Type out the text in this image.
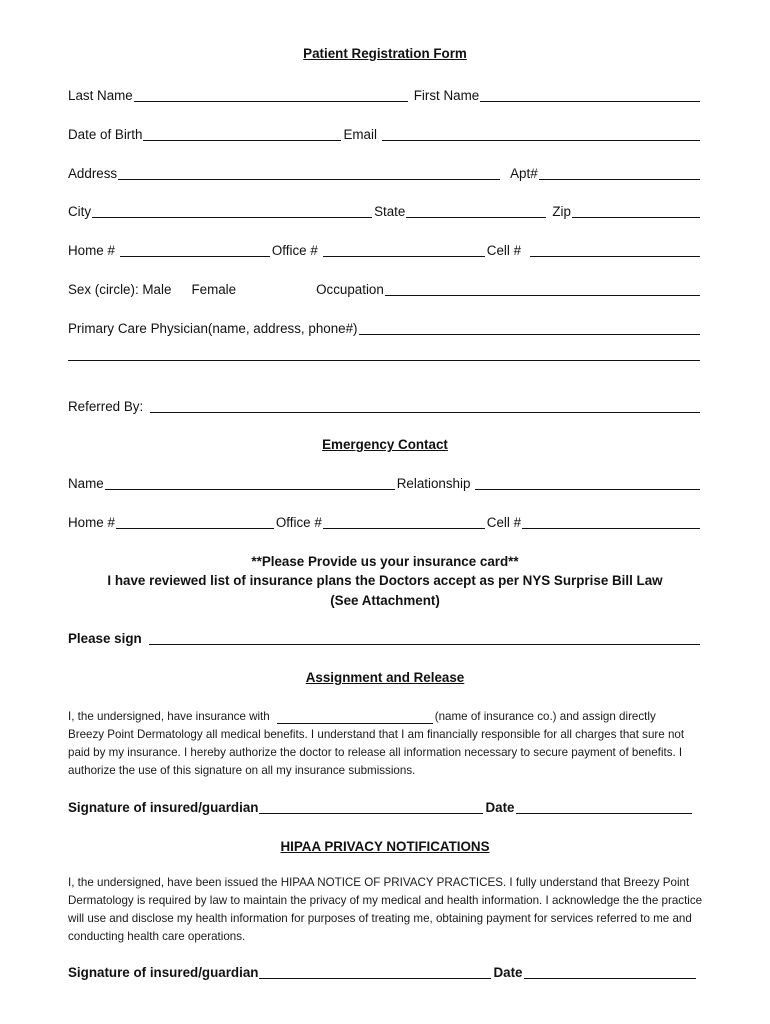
Patient Registration Form
Last Name	First Name
Date of Birth	Email
Address	Apt#
City	State	Zip
Home #	Office #	Cell #
Sex (circle): Male Female	Occupation
Primary Care Physician(name, address, phone#)
Referred By:
Emergency Contact
Name	Relationship
Home #	Office #	Cell #
**Please Provide us your insurance card**
I have reviewed list of insurance plans the Doctors accept as per NYS Surprise Bill Law
(See Attachment)
Please sign
Assignment and Release
I, the undersigned, have insurance with	(name of insurance co.) and assign directly
Breezy Point Dermatology all medical benefits. I understand that I am financially responsible for all charges that sure not paid by my insurance. I hereby authorize the doctor to release all information necessary to secure payment of benefits. I authorize the use of this signature on all my insurance submissions.
Signature of insured/guardian	Date
HIPAA PRIVACY NOTIFICATIONS
I, the undersigned, have been issued the HIPAA NOTICE OF PRIVACY PRACTICES. I fully understand that Breezy Point Dermatology is required by law to maintain the privacy of my medical and health information. I acknowledge the the practice will use and disclose my health information for purposes of treating me, obtaining payment for services referred to me and conducting health care operations.
Signature of insured/guardian	Date
